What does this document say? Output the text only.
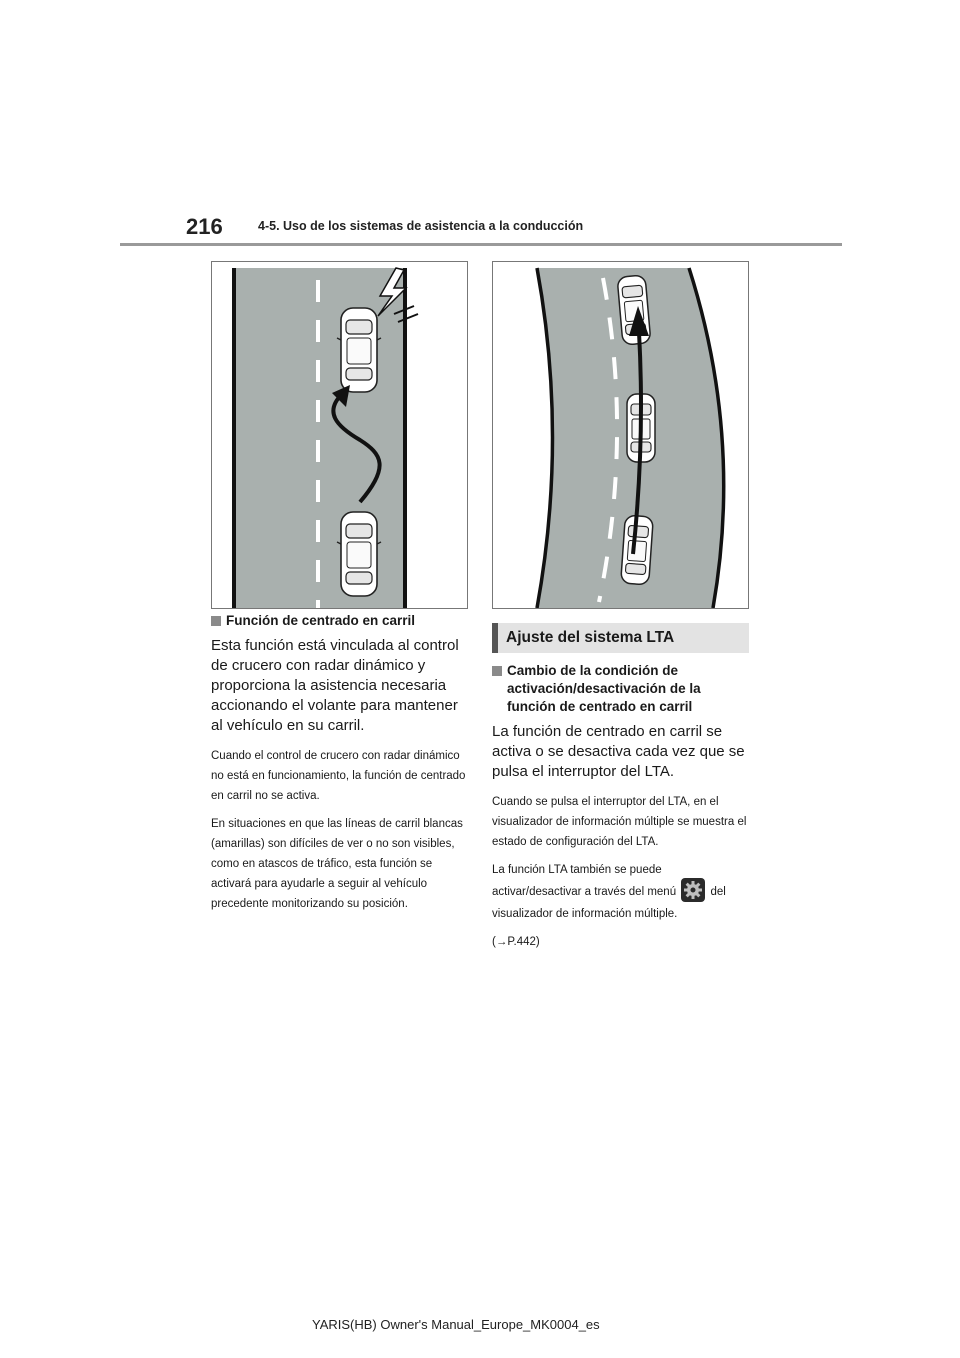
216	4-5. Uso de los sistemas de asistencia a la conducción
Función de centrado en carril

Esta función está vinculada al control de crucero con radar dinámico y proporciona la asistencia necesaria accionando el volante para mantener al vehículo en su carril.

Cuando el control de crucero con radar dinámico no está en funcionamiento, la función de centrado en carril no se activa.

En situaciones en que las líneas de carril blancas (amarillas) son difíciles de ver o no son visibles, como en atascos de tráfico, esta función se activará para ayudarle a seguir al vehículo precedente monitorizando su posición.

Ajuste del sistema LTA
Cambio de la condición de activación/desactivación de la función de centrado en carril

La función de centrado en carril se activa o se desactiva cada vez que se pulsa el interruptor del LTA.

Cuando se pulsa el interruptor del LTA, en el visualizador de información múltiple se muestra el estado de configuración del LTA.

La función LTA también se puede activar/desactivar a través del menú	del visualizador de información múltiple.

(→P.442)

YARIS(HB) Owner's Manual_Europe_MK0004_es
